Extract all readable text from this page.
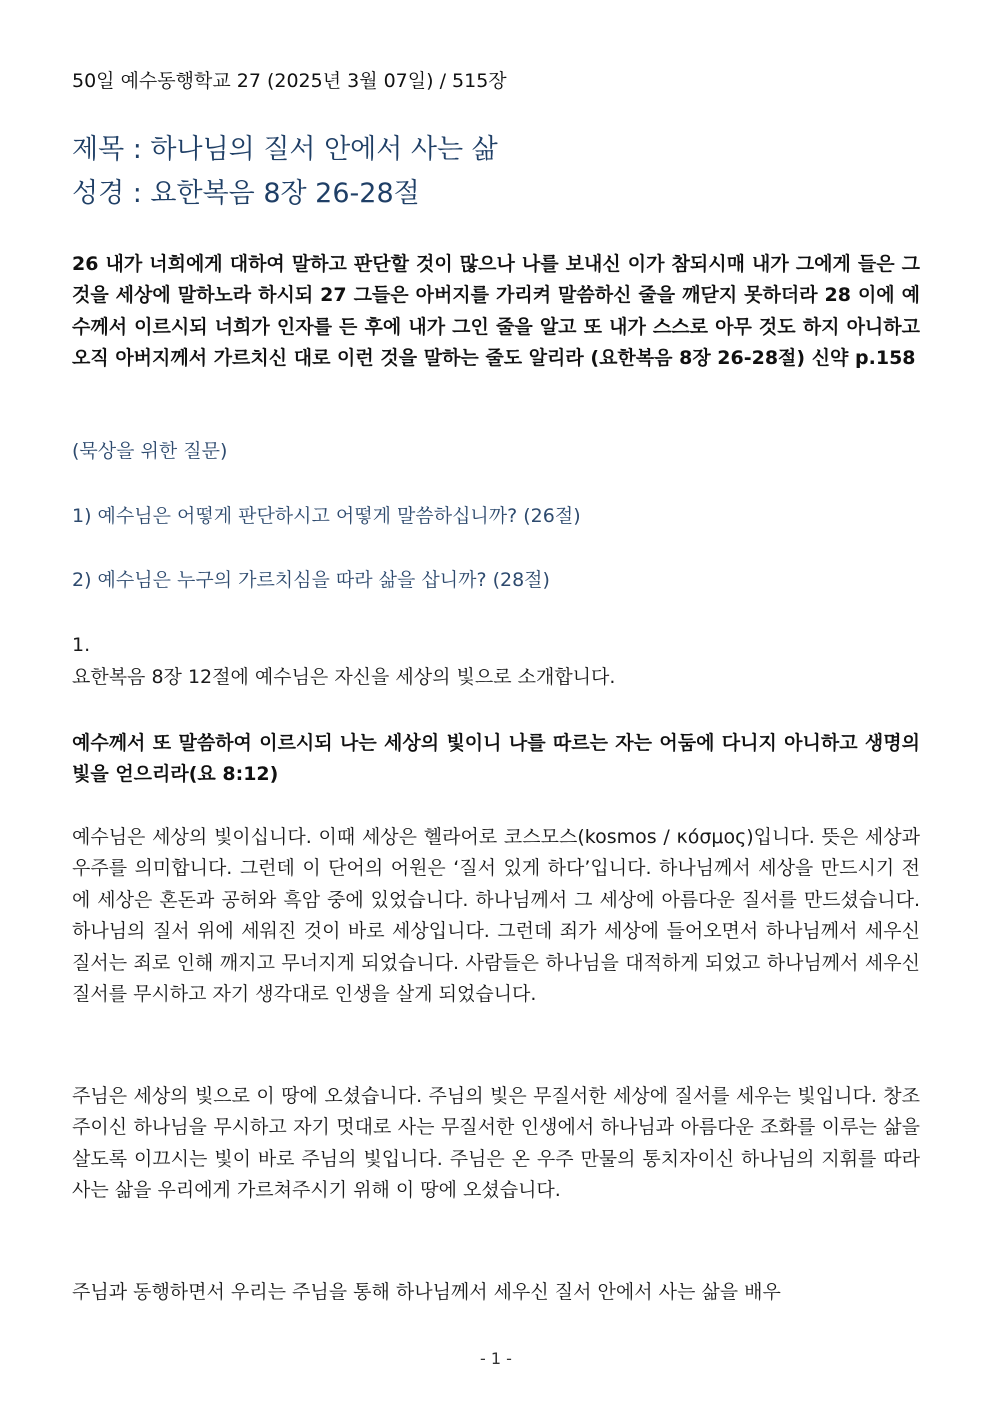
50일 예수동행학교 27 (2025년 3월 07일) / 515장
제목 : 하나님의 질서 안에서 사는 삶
성경 : 요한복음 8장 26-28절
26 내가 너희에게 대하여 말하고 판단할 것이 많으나 나를 보내신 이가 참되시매 내가 그에게 들은 그것을 세상에 말하노라 하시되 27 그들은 아버지를 가리켜 말씀하신 줄을 깨닫지 못하더라 28 이에 예수께서 이르시되 너희가 인자를 든 후에 내가 그인 줄을 알고 또 내가 스스로 아무 것도 하지 아니하고 오직 아버지께서 가르치신 대로 이런 것을 말하는 줄도 알리라 (요한복음 8장 26-28절) 신약 p.158
(묵상을 위한 질문)
1) 예수님은 어떻게 판단하시고 어떻게 말씀하십니까? (26절)
2) 예수님은 누구의 가르치심을 따라 삶을 삽니까? (28절)
1.
요한복음 8장 12절에 예수님은 자신을 세상의 빛으로 소개합니다.
예수께서 또 말씀하여 이르시되 나는 세상의 빛이니 나를 따르는 자는 어둠에 다니지 아니하고 생명의 빛을 얻으리라(요 8:12)
예수님은 세상의 빛이십니다. 이때 세상은 헬라어로 코스모스(kosmos / κόσμος)입니다. 뜻은 세상과 우주를 의미합니다. 그런데 이 단어의 어원은 ‘질서 있게 하다’입니다. 하나님께서 세상을 만드시기 전에 세상은 혼돈과 공허와 흑암 중에 있었습니다. 하나님께서 그 세상에 아름다운 질서를 만드셨습니다. 하나님의 질서 위에 세워진 것이 바로 세상입니다. 그런데 죄가 세상에 들어오면서 하나님께서 세우신 질서는 죄로 인해 깨지고 무너지게 되었습니다. 사람들은 하나님을 대적하게 되었고 하나님께서 세우신 질서를 무시하고 자기 생각대로 인생을 살게 되었습니다.
주님은 세상의 빛으로 이 땅에 오셨습니다. 주님의 빛은 무질서한 세상에 질서를 세우는 빛입니다. 창조주이신 하나님을 무시하고 자기 멋대로 사는 무질서한 인생에서 하나님과 아름다운 조화를 이루는 삶을 살도록 이끄시는 빛이 바로 주님의 빛입니다. 주님은 온 우주 만물의 통치자이신 하나님의 지휘를 따라 사는 삶을 우리에게 가르쳐주시기 위해 이 땅에 오셨습니다.
주님과 동행하면서 우리는 주님을 통해 하나님께서 세우신 질서 안에서 사는 삶을 배우
- 1 -
